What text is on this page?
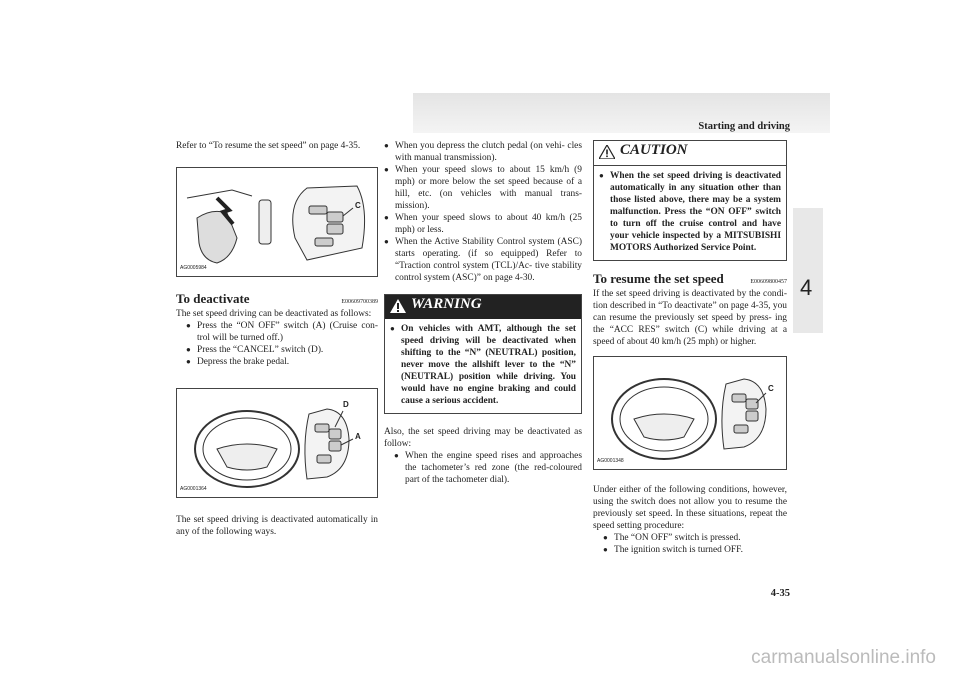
Starting and driving
4

Refer to “To resume the set speed” on page 4-35.

C
AG0005984
To deactivate	E00609700389

The set speed driving can be deactivated as follows:

● Press the “ON OFF” switch (A) (Cruise con- trol will be turned off.)
● Press the “CANCEL” switch (D).
● Depress the brake pedal.
D
A
AG0001364

The set speed driving is deactivated automatically in any of the following ways.

● When you depress the clutch pedal (on vehi- cles with manual transmission).
● When your speed slows to about 15 km/h (9 mph) or more below the set speed because of a hill, etc. (on vehicles with manual trans- mission).
● When your speed slows to about 40 km/h (25 mph) or less.
● When the Active Stability Control system (ASC) starts operating. (if so equipped) Refer to “Traction control system (TCL)/Ac- tive stability control system (ASC)” on page 4-30.
WARNING
● On vehicles with AMT, although the set speed driving will be deactivated when shifting to the “N” (NEUTRAL) position, never move the allshift lever to the “N” (NEUTRAL) position while driving. You would have no engine braking and could cause a serious accident.

Also, the set speed driving may be deactivated as follow:

● When the engine speed rises and approaches the tachometer’s red zone (the red-coloured part of the tachometer dial).
CAUTION
● When the set speed driving is deactivated automatically in any situation other than those listed above, there may be a system malfunction. Press the “ON OFF” switch to turn off the cruise control and have your vehicle inspected by a MITSUBISHI MOTORS Authorized Service Point.
To resume the set speed	E00609800457

If the set speed driving is deactivated by the condi- tion described in “To deactivate” on page 4-35, you can resume the previously set speed by press- ing the “ACC RES” switch (C) while driving at a speed of about 40 km/h (25 mph) or higher.

C
AG0001348

Under either of the following conditions, however, using the switch does not allow you to resume the previously set speed. In these situations, repeat the speed setting procedure:

● The “ON OFF” switch is pressed.
● The ignition switch is turned OFF.
4-35
carmanualsonline.info
